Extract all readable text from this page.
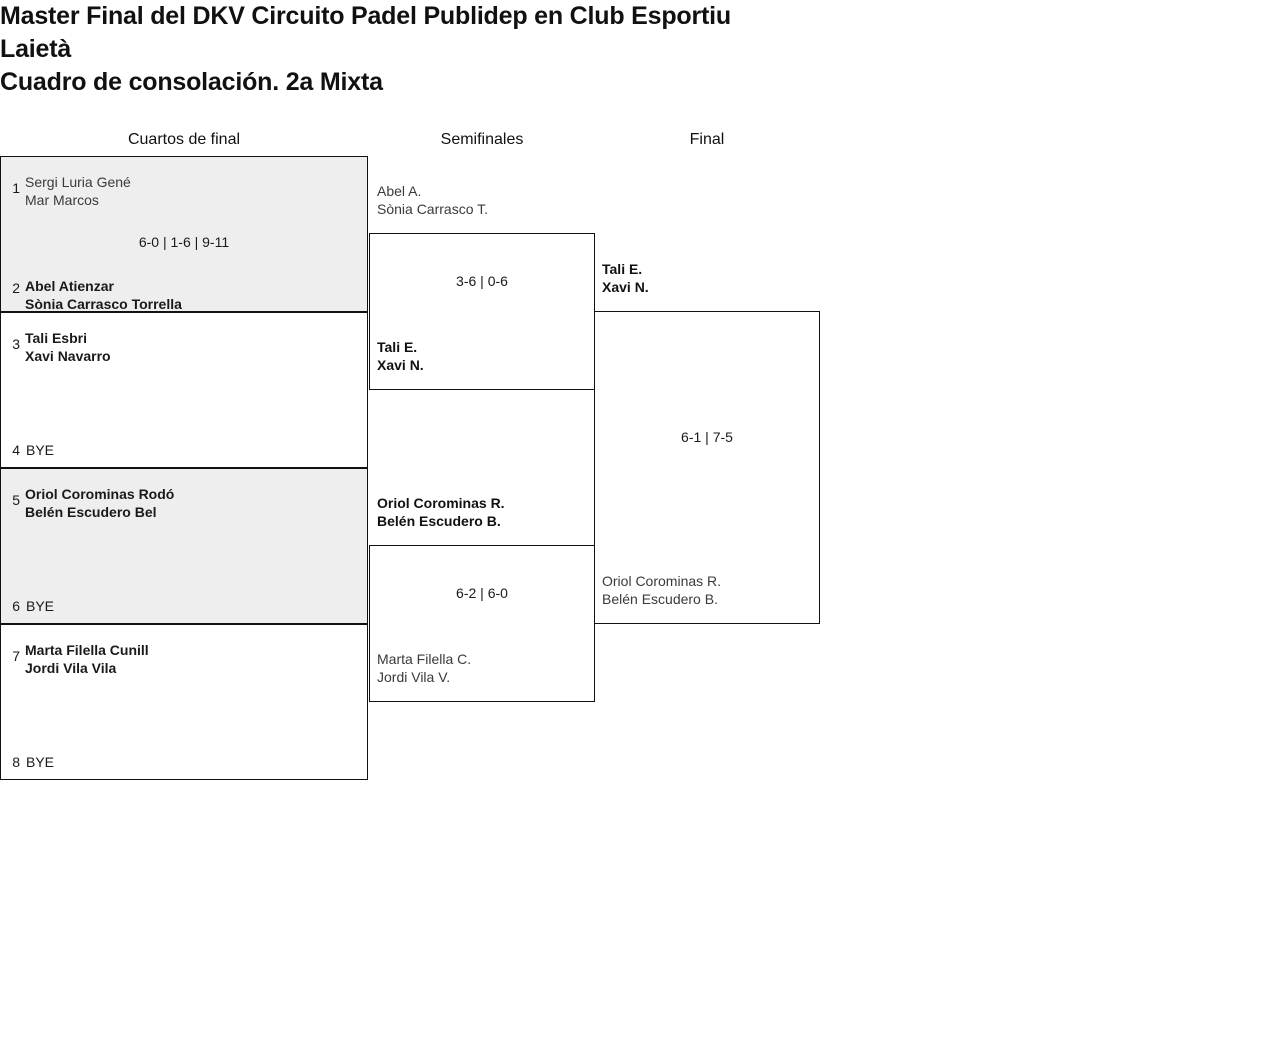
Master Final del DKV Circuito Padel Publidep en Club Esportiu
Laietà
Cuadro de consolación. 2a Mixta
Cuartos de final	Semifinales	Final
1 Sergi Luria Gené
Mar Marcos
6-0 | 1-6 | 9-11
2 Abel Atienzar
Sònia Carrasco Torrella
3 Tali Esbri
Xavi Navarro
4 BYE
5 Oriol Corominas Rodó
Belén Escudero Bel
6 BYE
7 Marta Filella Cunill
Jordi Vila Vila
8 BYE
Abel A.
Sònia Carrasco T.
3-6 | 0-6
Tali E.
Xavi N.
Oriol Corominas R.
Belén Escudero B.
6-2 | 6-0
Marta Filella C.
Jordi Vila V.
Tali E.
Xavi N.
6-1 | 7-5
Oriol Corominas R.
Belén Escudero B.
